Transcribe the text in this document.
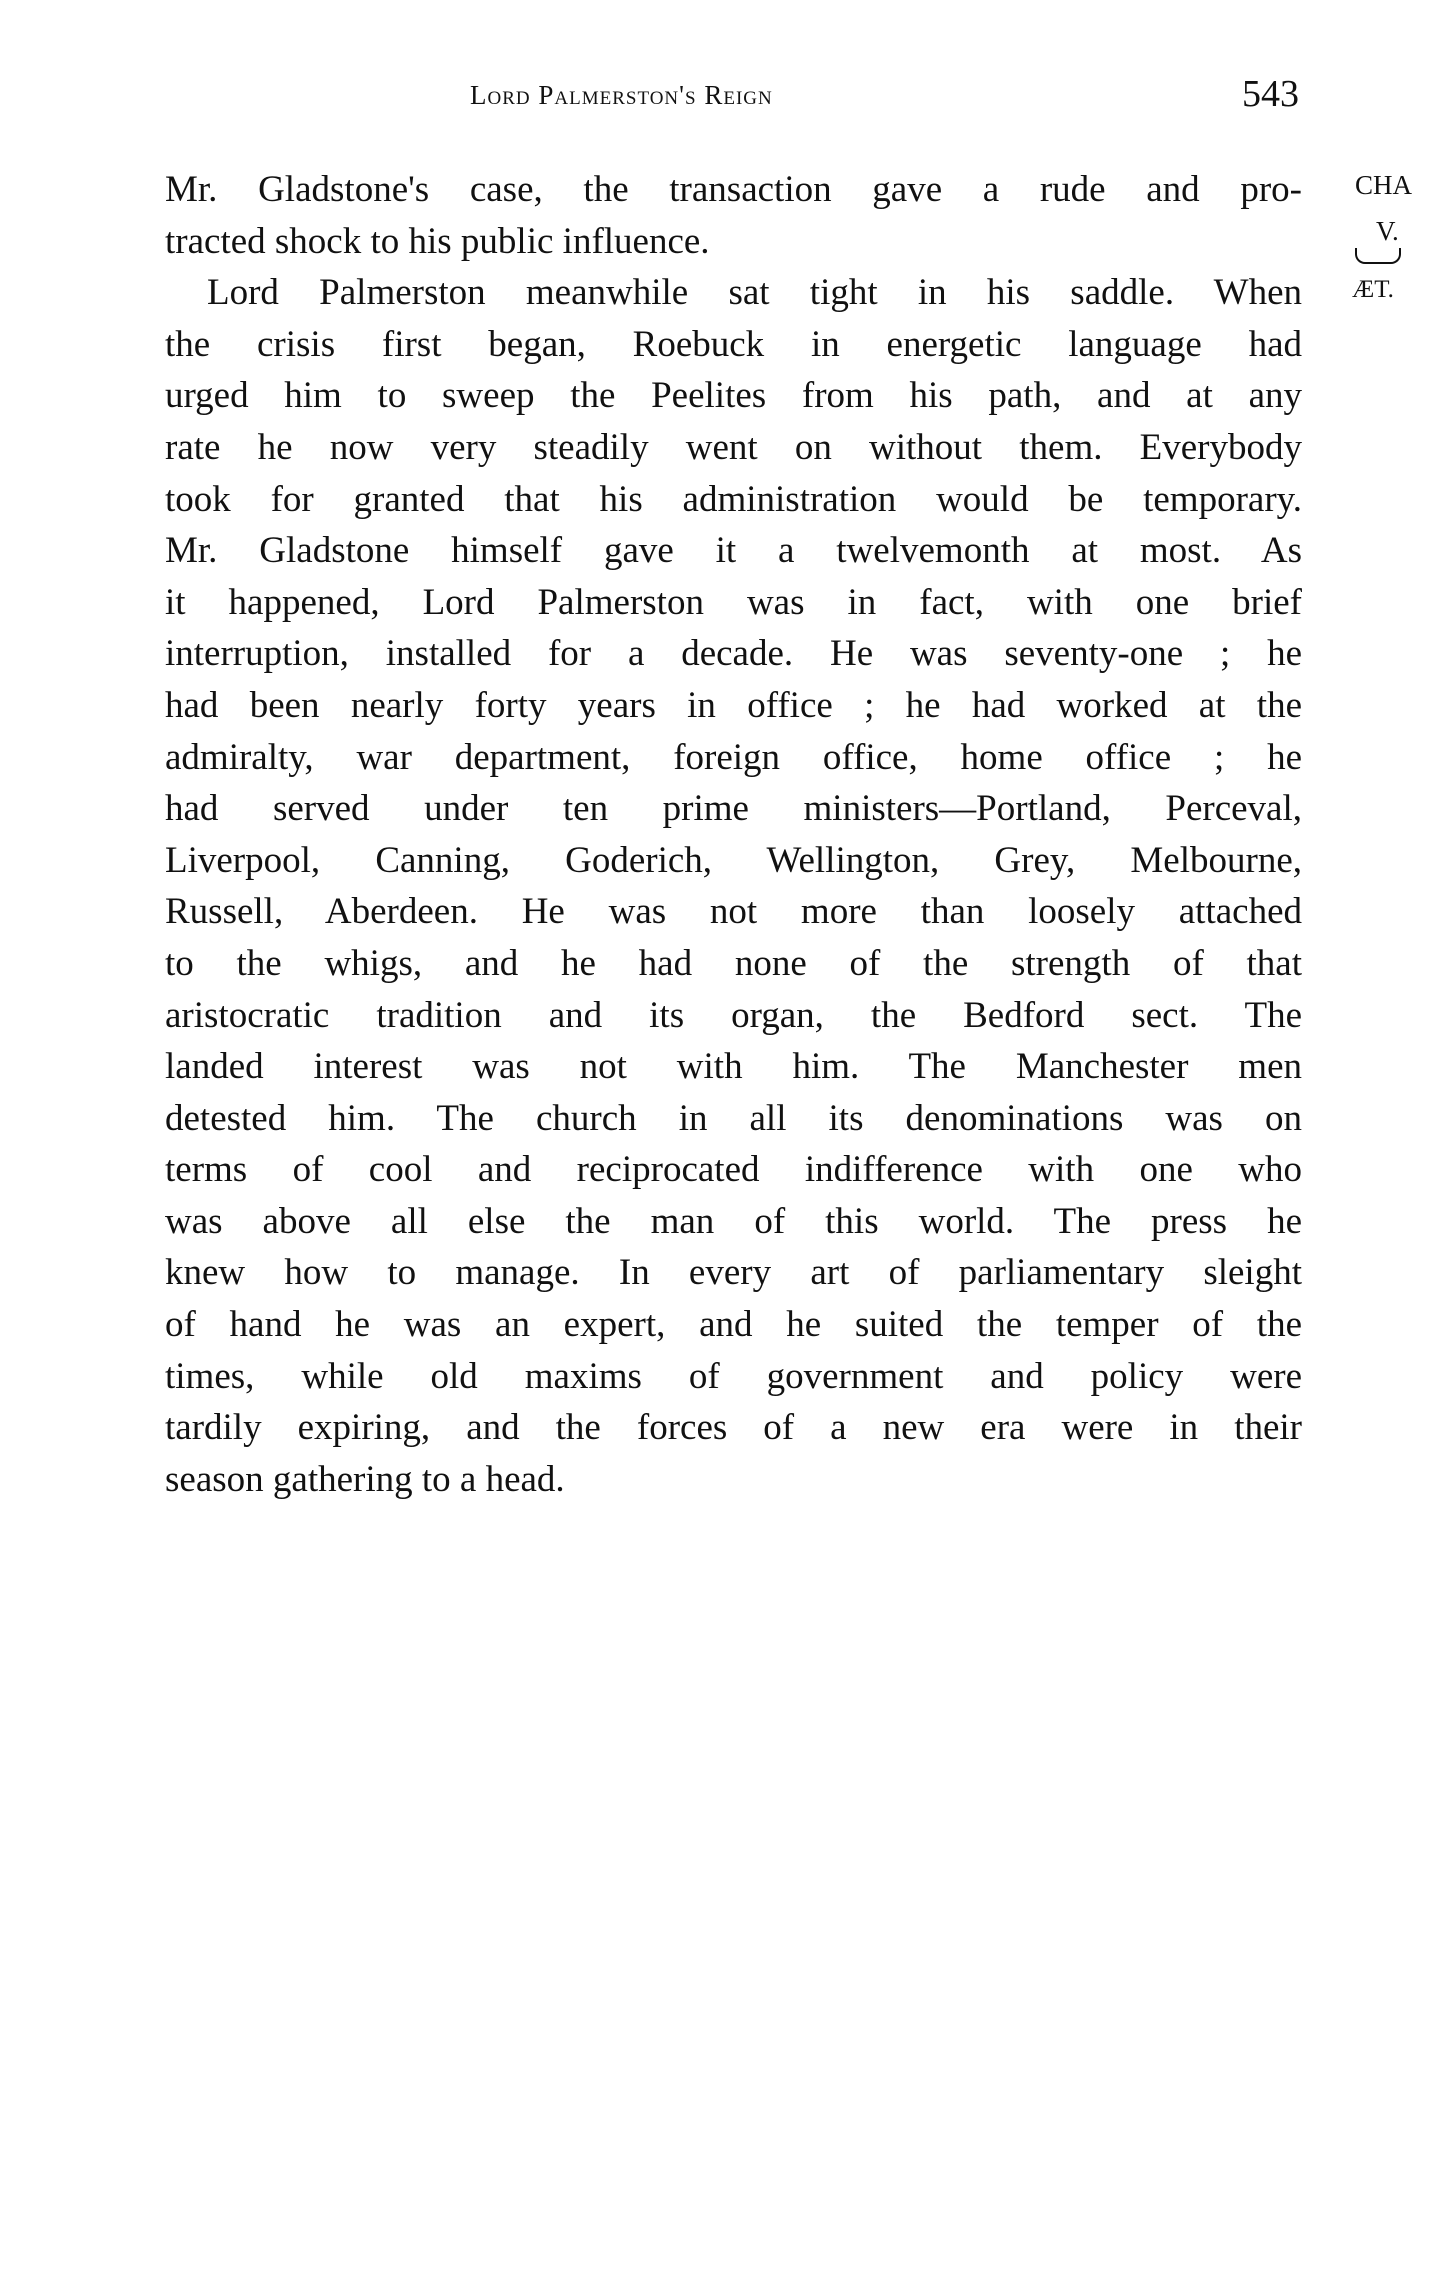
Lord Palmerston's Reign	543
CHA
V.
ÆT.
Mr. Gladstone's case, the transaction gave a rude and pro-
tracted shock to his public influence.
Lord Palmerston meanwhile sat tight in his saddle. When
the crisis first began, Roebuck in energetic language had
urged him to sweep the Peelites from his path, and at any
rate he now very steadily went on without them. Everybody
took for granted that his administration would be temporary.
Mr. Gladstone himself gave it a twelvemonth at most. As
it happened, Lord Palmerston was in fact, with one brief
interruption, installed for a decade. He was seventy-one ; he
had been nearly forty years in office ; he had worked at the
admiralty, war department, foreign office, home office ; he
had served under ten prime ministers—Portland, Perceval,
Liverpool, Canning, Goderich, Wellington, Grey, Melbourne,
Russell, Aberdeen. He was not more than loosely attached
to the whigs, and he had none of the strength of that
aristocratic tradition and its organ, the Bedford sect. The
landed interest was not with him. The Manchester men
detested him. The church in all its denominations was on
terms of cool and reciprocated indifference with one who
was above all else the man of this world. The press he
knew how to manage. In every art of parliamentary sleight
of hand he was an expert, and he suited the temper of the
times, while old maxims of government and policy were
tardily expiring, and the forces of a new era were in their
season gathering to a head.
